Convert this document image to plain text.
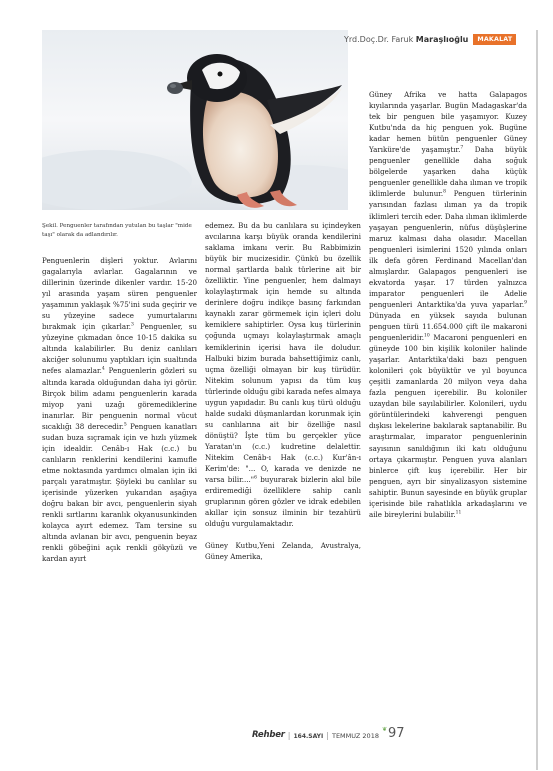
Yrd.Doç.Dr. Faruk Maraşlıoğlu	MAKALAT
Şekil. Penguenler tarafından yutulan bu taşlar "mide taşı" olarak da adlandırılır.

Penguenlerin dişleri yoktur. Avlarını gagalarıyla avlarlar. Gagalarının ve dillerinin üzerinde dikenler vardır. 15-20 yıl arasında yaşam süren penguenler yaşamının yaklaşık %75'ini suda geçirir ve su yüzeyine sadece yumurtalarını bırakmak için çıkarlar.$^3$ Penguenler, su yüzeyine çıkmadan önce 10-15 dakika su altında kalabilirler. Bu deniz canlıları akciğer solunumu yaptıkları için sualtında nefes alamazlar.$^4$ Penguenlerin gözleri su altında karada olduğundan daha iyi görür. Birçok bilim adamı penguenlerin karada miyop yani uzağı göremediklerine inanırlar. Bir penguenin normal vücut sıcaklığı 38 derecedir.$^5$ Penguen kanatları sudan buza sıçramak için ve hızlı yüzmek için idealdir. Cenâb-ı Hak (c.c.) bu canlıların renklerini kendilerini kamufle etme noktasında yardımcı olmalan için iki parçalı yaratmıştır. Şöyleki bu canlılar su içerisinde yüzerken yukarıdan aşağıya doğru bakan bir avcı, penguenlerin siyah renkli sırtlarını karanlık okyanusunkinden kolayca ayırt edemez. Tam tersine su altında avlanan bir avcı, penguenin beyaz renkli göbeğini açık renkli gökyüzü ve kardan ayırt

edemez. Bu da bu canlılara su içindeyken avcılarına karşı büyük oranda kendilerini saklama imkanı verir. Bu Rabbimizin büyük bir mucizesidir. Çünkü bu özellik normal şartlarda balık türlerine ait bir özelliktir. Yine penguenler, hem dalmayı kolaylaştırmak için hemde su altında derinlere doğru indikçe basınç farkından kaynaklı zarar görmemek için içleri dolu kemiklere sahiptirler. Oysa kuş türlerinin çoğunda uçmayı kolaylaştırmak amaçlı kemiklerinin içerisi hava ile doludur. Halbuki bizim burada bahsettiğimiz canlı, uçma özelliği olmayan bir kuş türüdür. Nitekim solunum yapısı da tüm kuş türlerinde olduğu gibi karada nefes almaya uygun yapıdadır. Bu canlı kuş türü olduğu halde sudaki düşmanlardan korunmak için su canlılarına ait bir özelliğe nasıl dönüştü? İşte tüm bu gerçekler yüce Yaratan'ın (c.c.) kudretine delalettir. Nitekim Cenâb-ı Hak (c.c.) Kur'ân-ı Kerim'de: "... O, karada ve denizde ne varsa bilir...."$^6$ buyurarak bizlerin akıl bile erdiremediği özelliklere sahip canlı gruplarının gören gözler ve idrak edebilen akıllar için sonsuz ilminin bir tezahürü olduğu vurgulamaktadır.

Güney Kutbu,Yeni Zelanda, Avustralya, Güney Amerika,

Güney Afrika ve hatta Galapagos kıyılarında yaşarlar. Bugün Madagaskar'da tek bir penguen bile yaşamıyor. Kuzey Kutbu'nda da hiç penguen yok. Bugüne kadar hemen bütün penguenler Güney Yarıküre'de yaşamıştır.$^7$ Daha büyük penguenler genellikle daha soğuk bölgelerde yaşarken daha küçük penguenler genellikle daha ılıman ve tropik iklimlerde bulunur.$^8$ Penguen türlerinin yarısından fazlası ılıman ya da tropik iklimleri tercih eder. Daha ılıman iklimlerde yaşayan penguenlerin, nüfus düşüşlerine maruz kalması daha olasıdır. Macellan penguenleri isimlerini 1520 yılında onları ilk defa gören Ferdinand Macellan'dan almışlardır. Galapagos penguenleri ise ekvatorda yaşar. 17 türden yalnızca imparator penguenleri ile Adelie penguenleri Antarktika'da yuva yaparlar.$^9$ Dünyada en yüksek sayıda bulunan penguen türü 11.654.000 çift ile makaroni penguenleridir.$^{10}$ Macaroni penguenleri en güneyde 100 bin kişilik koloniler halinde yaşarlar. Antarktika'daki bazı penguen kolonileri çok büyüktür ve yıl boyunca çeşitli zamanlarda 20 milyon veya daha fazla penguen içerebilir. Bu koloniler uzaydan bile sayılabilirler. Kolonileri, uydu görüntülerindeki kahverengi penguen dışkısı lekelerine bakılarak saptanabilir. Bu araştırmalar, imparator penguenlerinin sayısının sanıldığının iki katı olduğunu ortaya çıkarmıştır. Penguen yuva alanları binlerce çift kuş içerebilir. Her bir penguen, ayrı bir sinyalizasyon sistemine sahiptir. Bunun sayesinde en büyük gruplar içerisinde bile rahatlıkla arkadaşlarını ve aile bireylerini bulabilir.$^{11}$

Rehber | 164.SAYI | TEMMUZ 2018
❦ 97
